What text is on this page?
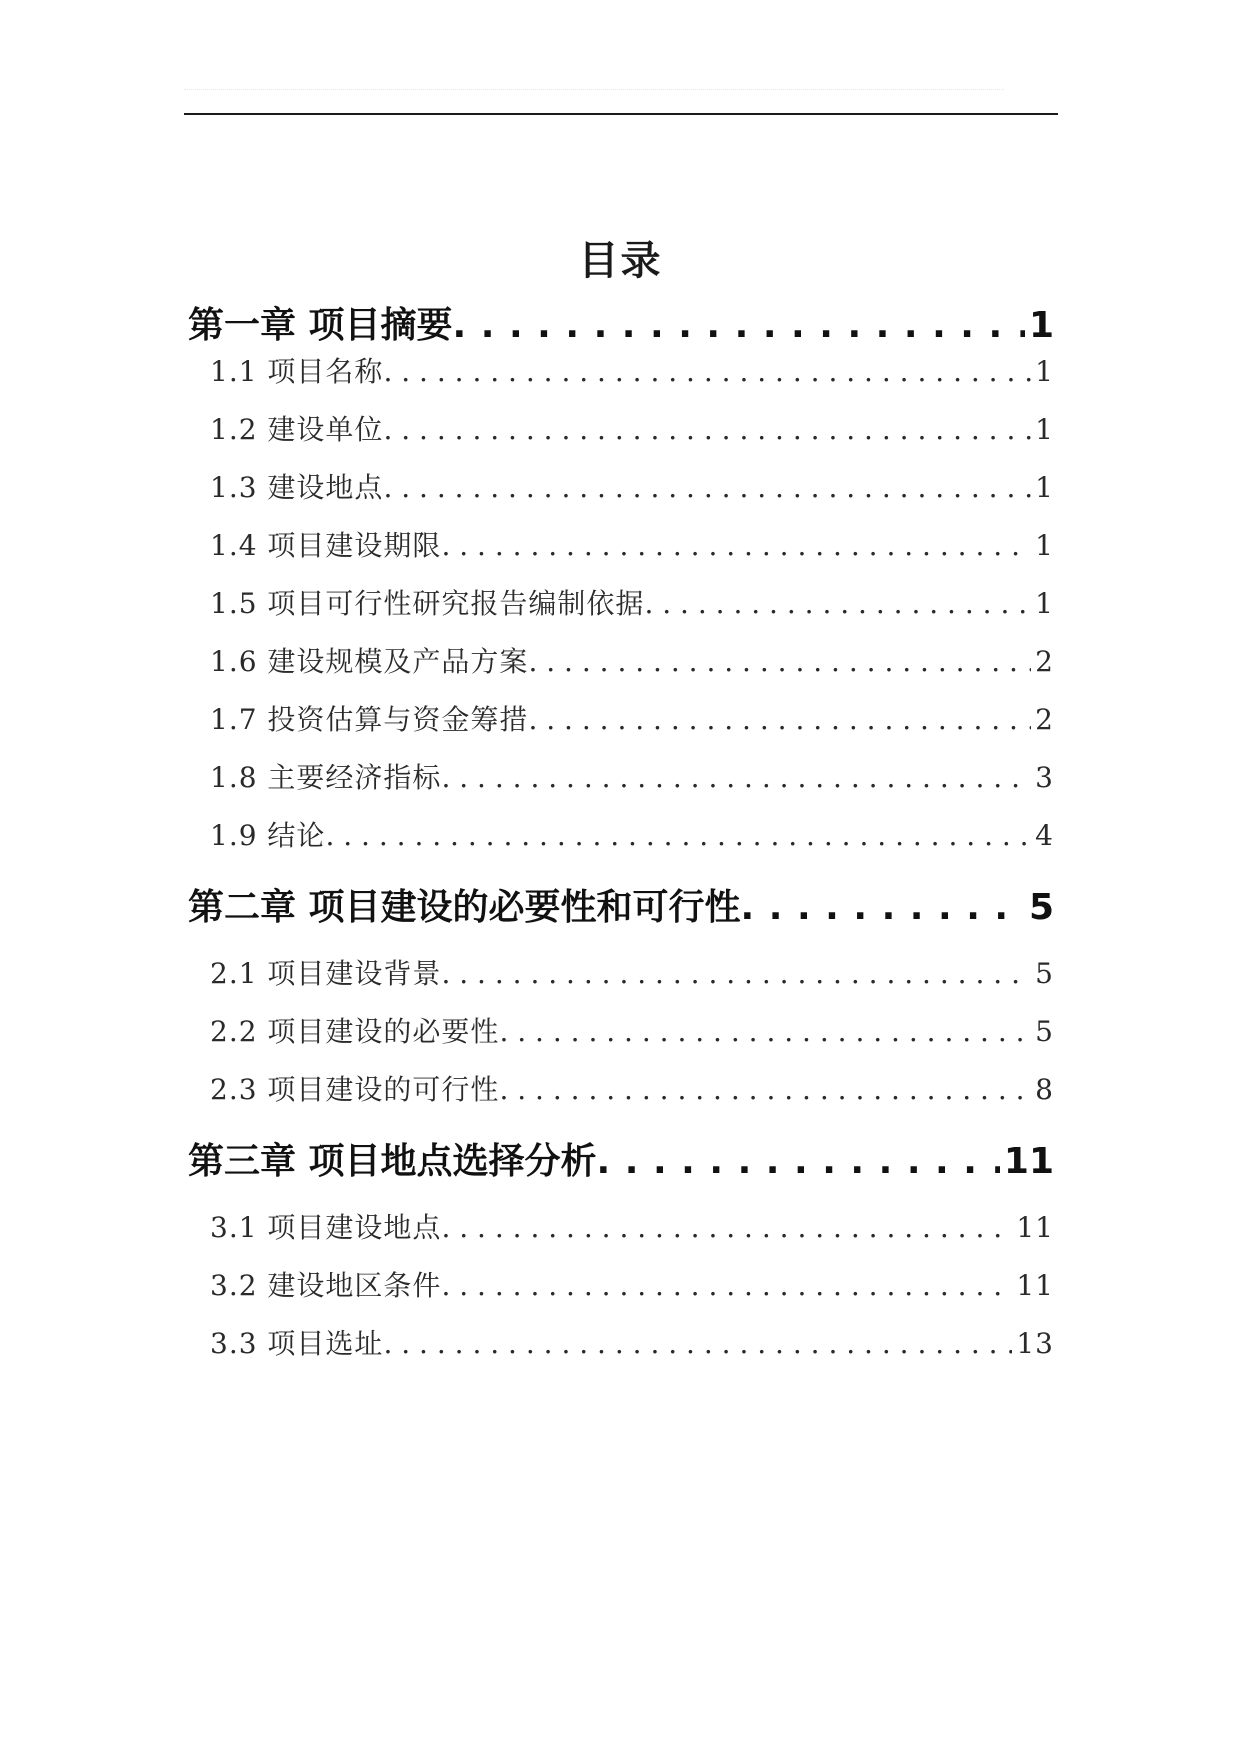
目录
第一章 项目摘要 . . .	1
1.1 项目名称 . . .	1
1.2 建设单位 . . .	1
1.3 建设地点 . . .	1
1.4 项目建设期限 . . .	1
1.5 项目可行性研究报告编制依据 . . .	1
1.6 建设规模及产品方案 . . .	2
1.7 投资估算与资金筹措 . . .	2
1.8 主要经济指标 . . .	3
1.9 结论 . . .	4
第二章 项目建设的必要性和可行性 . . .	5
2.1 项目建设背景 . . .	5
2.2 项目建设的必要性 . . .	5
2.3 项目建设的可行性 . . .	8
第三章 项目地点选择分析 . . .	11
3.1 项目建设地点 . . .	11
3.2 建设地区条件 . . .	11
3.3 项目选址 . . .	13
